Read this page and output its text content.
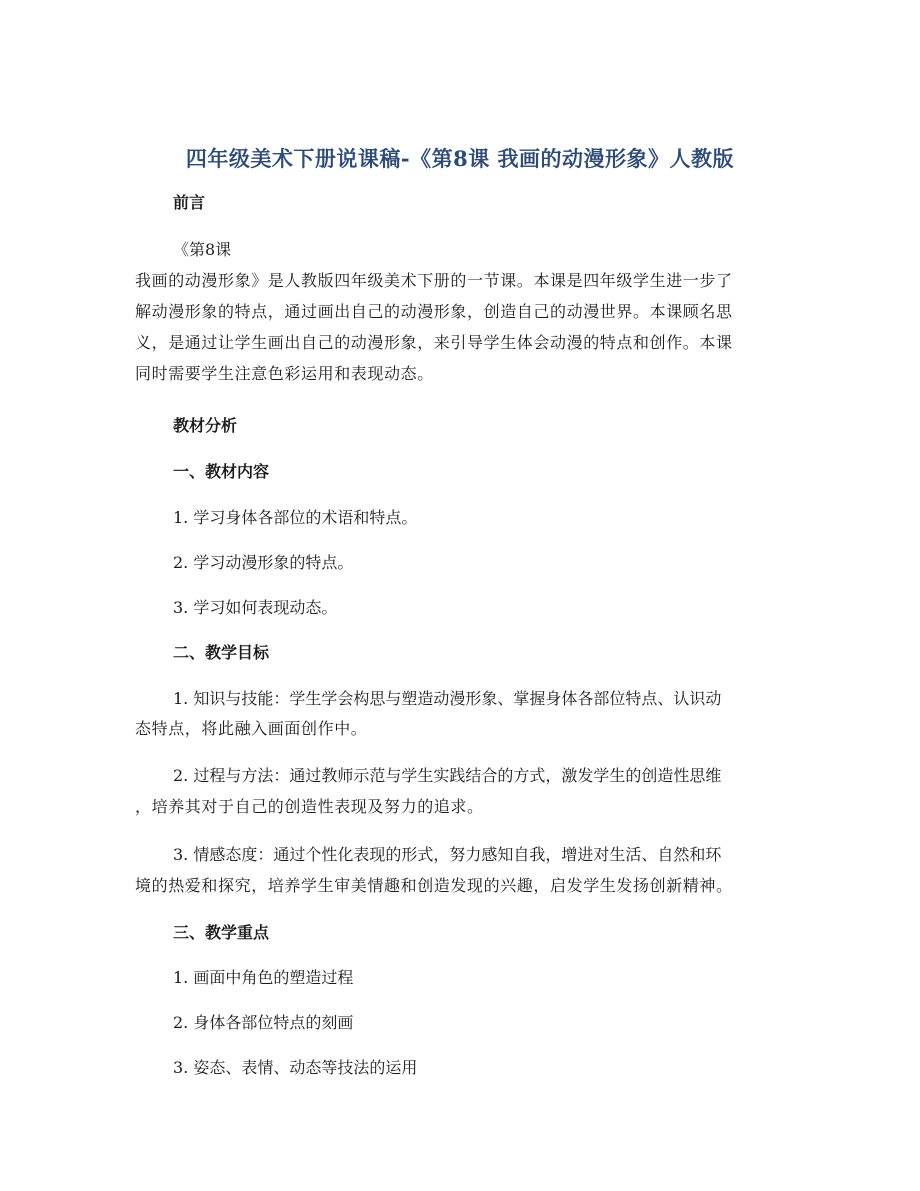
四年级美术下册说课稿-《第8课 我画的动漫形象》人教版
前言
《第8课
我画的动漫形象》是人教版四年级美术下册的一节课。本课是四年级学生进一步了
解动漫形象的特点，通过画出自己的动漫形象，创造自己的动漫世界。本课顾名思
义，是通过让学生画出自己的动漫形象，来引导学生体会动漫的特点和创作。本课
同时需要学生注意色彩运用和表现动态。
教材分析
一、教材内容
1. 学习身体各部位的术语和特点。
2. 学习动漫形象的特点。
3. 学习如何表现动态。
二、教学目标
1. 知识与技能：学生学会构思与塑造动漫形象、掌握身体各部位特点、认识动
态特点，将此融入画面创作中。
2. 过程与方法：通过教师示范与学生实践结合的方式，激发学生的创造性思维
，培养其对于自己的创造性表现及努力的追求。
3. 情感态度：通过个性化表现的形式，努力感知自我，增进对生活、自然和环
境的热爱和探究，培养学生审美情趣和创造发现的兴趣，启发学生发扬创新精神。
三、教学重点
1. 画面中角色的塑造过程
2. 身体各部位特点的刻画
3. 姿态、表情、动态等技法的运用
